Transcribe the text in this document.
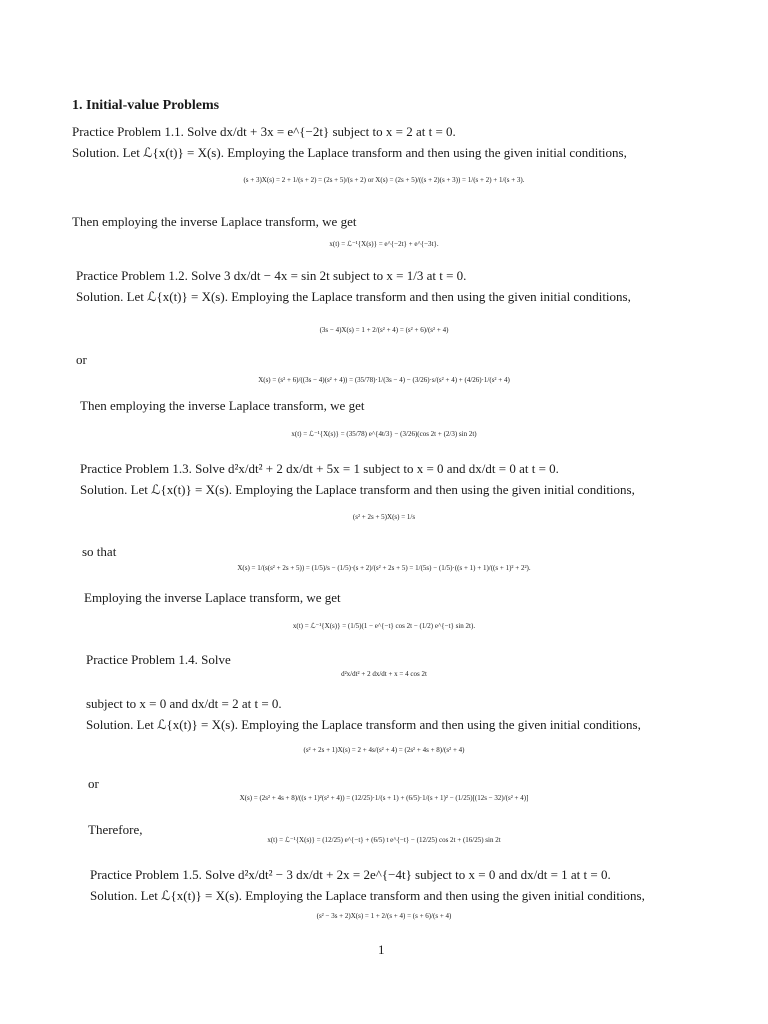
1. Initial-value Problems
Practice Problem 1.1. Solve dx/dt + 3x = e^{−2t} subject to x = 2 at t = 0.
Solution. Let ℒ{x(t)} = X(s). Employing the Laplace transform and then using the given initial conditions,
(s + 3)X(s) = 2 + 1/(s + 2) = (2s + 5)/(s + 2) or X(s) = (2s + 5)/((s + 2)(s + 3)) = 1/(s + 2) + 1/(s + 3).
Then employing the inverse Laplace transform, we get
x(t) = ℒ⁻¹{X(s)} = e^{−2t} + e^{−3t}.
Practice Problem 1.2. Solve 3 dx/dt − 4x = sin 2t subject to x = 1/3 at t = 0.
Solution. Let ℒ{x(t)} = X(s). Employing the Laplace transform and then using the given initial conditions,
(3s − 4)X(s) = 1 + 2/(s² + 4) = (s² + 6)/(s² + 4)
or
X(s) = (s² + 6)/((3s − 4)(s² + 4)) = (35/78)·1/(3s − 4) − (3/26)·s/(s² + 4) + (4/26)·1/(s² + 4)
Then employing the inverse Laplace transform, we get
x(t) = ℒ⁻¹{X(s)} = (35/78) e^{4t/3} − (3/26)(cos 2t + (2/3) sin 2t)
Practice Problem 1.3. Solve d²x/dt² + 2 dx/dt + 5x = 1 subject to x = 0 and dx/dt = 0 at t = 0.
Solution. Let ℒ{x(t)} = X(s). Employing the Laplace transform and then using the given initial conditions,
(s² + 2s + 5)X(s) = 1/s
so that
X(s) = 1/(s(s² + 2s + 5)) = (1/5)/s − (1/5)·(s + 2)/(s² + 2s + 5) = 1/(5s) − (1/5)·((s + 1) + 1)/((s + 1)² + 2²).
Employing the inverse Laplace transform, we get
x(t) = ℒ⁻¹{X(s)} = (1/5)(1 − e^{−t} cos 2t − (1/2) e^{−t} sin 2t).
Practice Problem 1.4. Solve
d²x/dt² + 2 dx/dt + x = 4 cos 2t
subject to x = 0 and dx/dt = 2 at t = 0.
Solution. Let ℒ{x(t)} = X(s). Employing the Laplace transform and then using the given initial conditions,
(s² + 2s + 1)X(s) = 2 + 4s/(s² + 4) = (2s² + 4s + 8)/(s² + 4)
or
X(s) = (2s² + 4s + 8)/((s + 1)²(s² + 4)) = (12/25)·1/(s + 1) + (6/5)·1/(s + 1)² − (1/25)[(12s − 32)/(s² + 4)]
Therefore,
x(t) = ℒ⁻¹{X(s)} = (12/25) e^{−t} + (6/5) t e^{−t} − (12/25) cos 2t + (16/25) sin 2t
Practice Problem 1.5. Solve d²x/dt² − 3 dx/dt + 2x = 2e^{−4t} subject to x = 0 and dx/dt = 1 at t = 0.
Solution. Let ℒ{x(t)} = X(s). Employing the Laplace transform and then using the given initial conditions,
(s² − 3s + 2)X(s) = 1 + 2/(s + 4) = (s + 6)/(s + 4)
1
